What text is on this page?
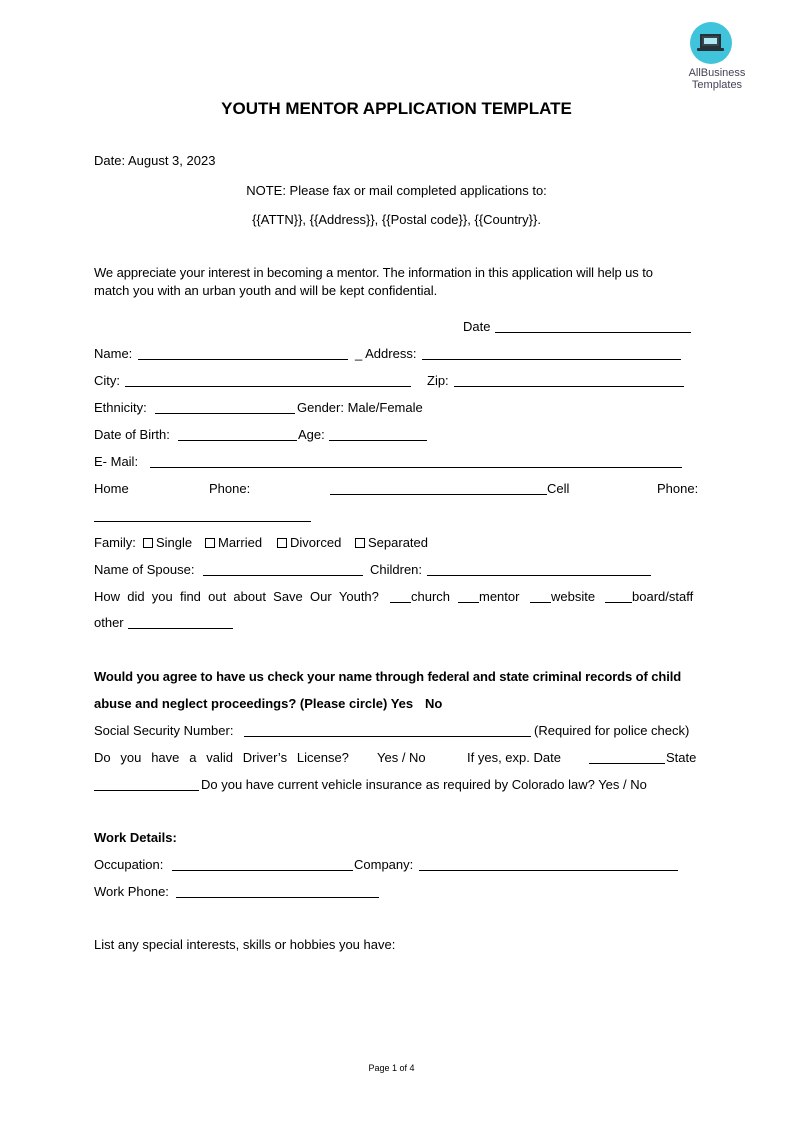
AllBusiness
Templates
YOUTH MENTOR APPLICATION TEMPLATE
Date: August 3, 2023
NOTE: Please fax or mail completed applications to:
{{ATTN}}, {{Address}}, {{Postal code}}, {{Country}}.
We appreciate your interest in becoming a mentor. The information in this application will help us to
match you with an urban youth and will be kept confidential.
Date
Name:	_ Address:
City:	Zip:
Ethnicity:	Gender: Male/Female
Date of Birth:	Age:
E- Mail:
Home	Phone:	Cell	Phone:
Family:	Single	Married	Divorced	Separated
Name of Spouse:	Children:
How did you find out about Save Our Youth? church mentor website	board/staff
other
Would you agree to have us check your name through federal and state criminal records of child
abuse and neglect proceedings? (Please circle) Yes No
Social Security Number:	(Required for police check)
Do you have a valid Driver’s License? Yes / No	If yes, exp. Date	State
Do you have current vehicle insurance as required by Colorado law? Yes / No
Work Details:
Occupation:	Company:
Work Phone:
List any special interests, skills or hobbies you have:
Page 1 of 4
